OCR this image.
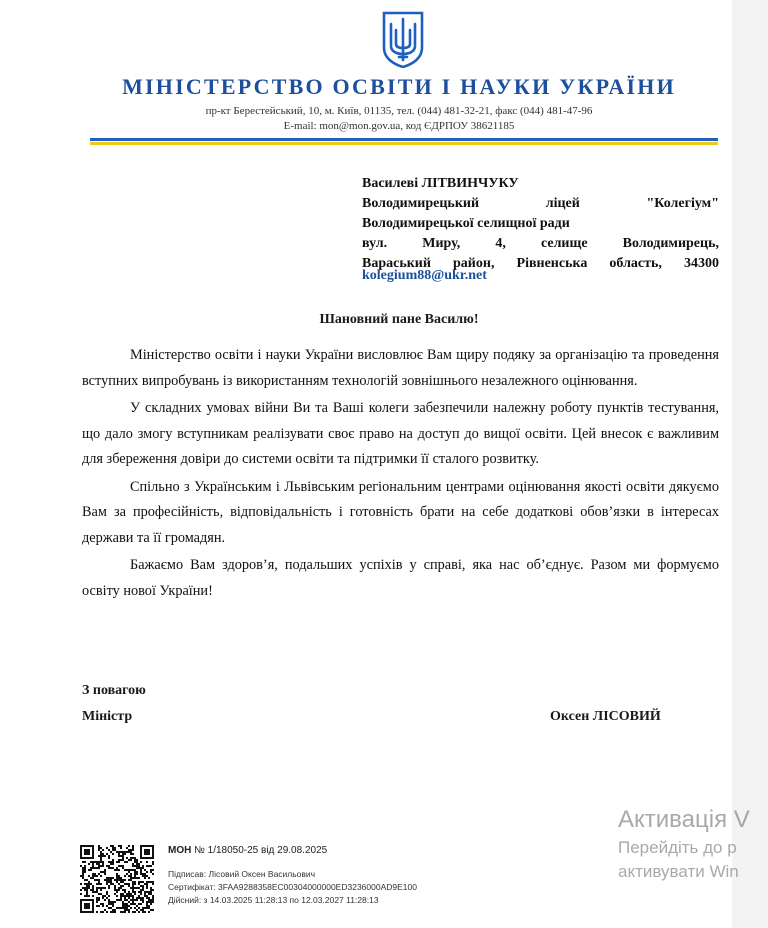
МІНІСТЕРСТВО ОСВІТИ І НАУКИ УКРАЇНИ
пр-кт Берестейський, 10, м. Київ, 01135, тел. (044) 481-32-21, факс (044) 481-47-96
E-mail: mon@mon.gov.ua, код ЄДРПОУ 38621185
Василеві ЛІТВИНЧУКУ
Володимирецький ліцей "Колегіум"
Володимирецької селищної ради
вул. Миру, 4, селище Володимирець,
Вараський район, Рівненська область, 34300
kolegium88@ukr.net
Шановний пане Василю!

Міністерство освіти і науки України висловлює Вам щиру подяку за організацію та проведення вступних випробувань із використанням технологій зовнішнього незалежного оцінювання.

У складних умовах війни Ви та Ваші колеги забезпечили належну роботу пунктів тестування, що дало змогу вступникам реалізувати своє право на доступ до вищої освіти. Цей внесок є важливим для збереження довіри до системи освіти та підтримки її сталого розвитку.

Спільно з Українським і Львівським регіональним центрами оцінювання якості освіти дякуємо Вам за професійність, відповідальність і готовність брати на себе додаткові обов’язки в інтересах держави та її громадян.

Бажаємо Вам здоров’я, подальших успіхів у справі, яка нас об’єднує. Разом ми формуємо освіту нової України!

З повагою
Міністр	Оксен ЛІСОВИЙ
МОН № 1/18050-25 від 29.08.2025
Підписав: Лісовий Оксен Васильович
Сертифікат: 3FAA9288358EC00304000000ED3236000AD9E100
Дійсний: з 14.03.2025 11:28:13 по 12.03.2027 11:28:13
Активація V
Перейдіть до р
активувати Win
